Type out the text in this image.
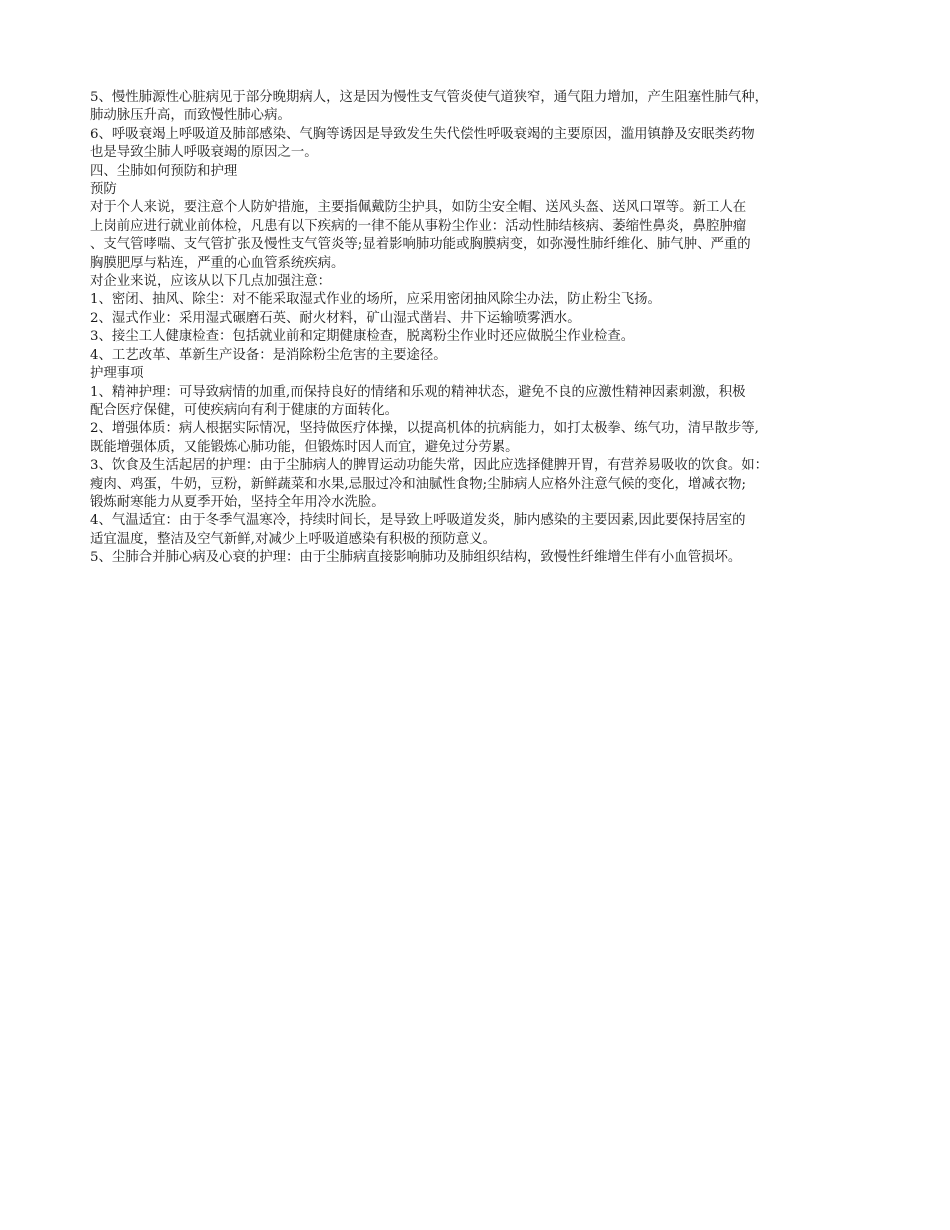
5、慢性肺源性心脏病见于部分晚期病人，这是因为慢性支气管炎使气道狭窄，通气阻力增加，产生阻塞性肺气种，
肺动脉压升高，而致慢性肺心病。

6、呼吸衰竭上呼吸道及肺部感染、气胸等诱因是导致发生失代偿性呼吸衰竭的主要原因，滥用镇静及安眠类药物
也是导致尘肺人呼吸衰竭的原因之一。

四、尘肺如何预防和护理

预防

对于个人来说，要注意个人防妒措施，主要指佩戴防尘护具，如防尘安全帽、送风头盔、送风口罩等。新工人在
上岗前应进行就业前体检，凡患有以下疾病的一律不能从事粉尘作业：活动性肺结核病、萎缩性鼻炎，鼻腔肿瘤
、支气管哮喘、支气管扩张及慢性支气管炎等;显着影响肺功能或胸膜病变，如弥漫性肺纤维化、肺气肿、严重的
胸膜肥厚与粘连，严重的心血管系统疾病。

对企业来说，应该从以下几点加强注意：

1、密闭、抽风、除尘：对不能采取湿式作业的场所，应采用密闭抽风除尘办法，防止粉尘飞扬。

2、湿式作业：采用湿式碾磨石英、耐火材料，矿山湿式凿岩、井下运输喷雾洒水。

3、接尘工人健康检查：包括就业前和定期健康检查，脱离粉尘作业时还应做脱尘作业检查。

4、工艺改革、革新生产设备：是消除粉尘危害的主要途径。

护理事项

1、精神护理：可导致病情的加重,而保持良好的情绪和乐观的精神状态，避免不良的应激性精神因素刺激，积极
配合医疗保健，可使疾病向有利于健康的方面转化。

2、增强体质：病人根据实际情况，坚持做医疗体操，以提高机体的抗病能力，如打太极拳、练气功，清早散步等,
既能增强体质，又能锻炼心肺功能，但锻炼时因人而宜，避免过分劳累。

3、饮食及生活起居的护理：由于尘肺病人的脾胃运动功能失常，因此应选择健脾开胃，有营养易吸收的饮食。如：
瘦肉、鸡蛋，牛奶，豆粉，新鲜蔬菜和水果,忌服过冷和油腻性食物;尘肺病人应格外注意气候的变化，增减衣物;
锻炼耐寒能力从夏季开始，坚持全年用冷水洗脸。

4、气温适宜：由于冬季气温寒冷，持续时间长，是导致上呼吸道发炎，肺内感染的主要因素,因此要保持居室的
适宜温度，整洁及空气新鲜,对减少上呼吸道感染有积极的预防意义。

5、尘肺合并肺心病及心衰的护理：由于尘肺病直接影响肺功及肺组织结构，致慢性纤维增生伴有小血管损坏。
